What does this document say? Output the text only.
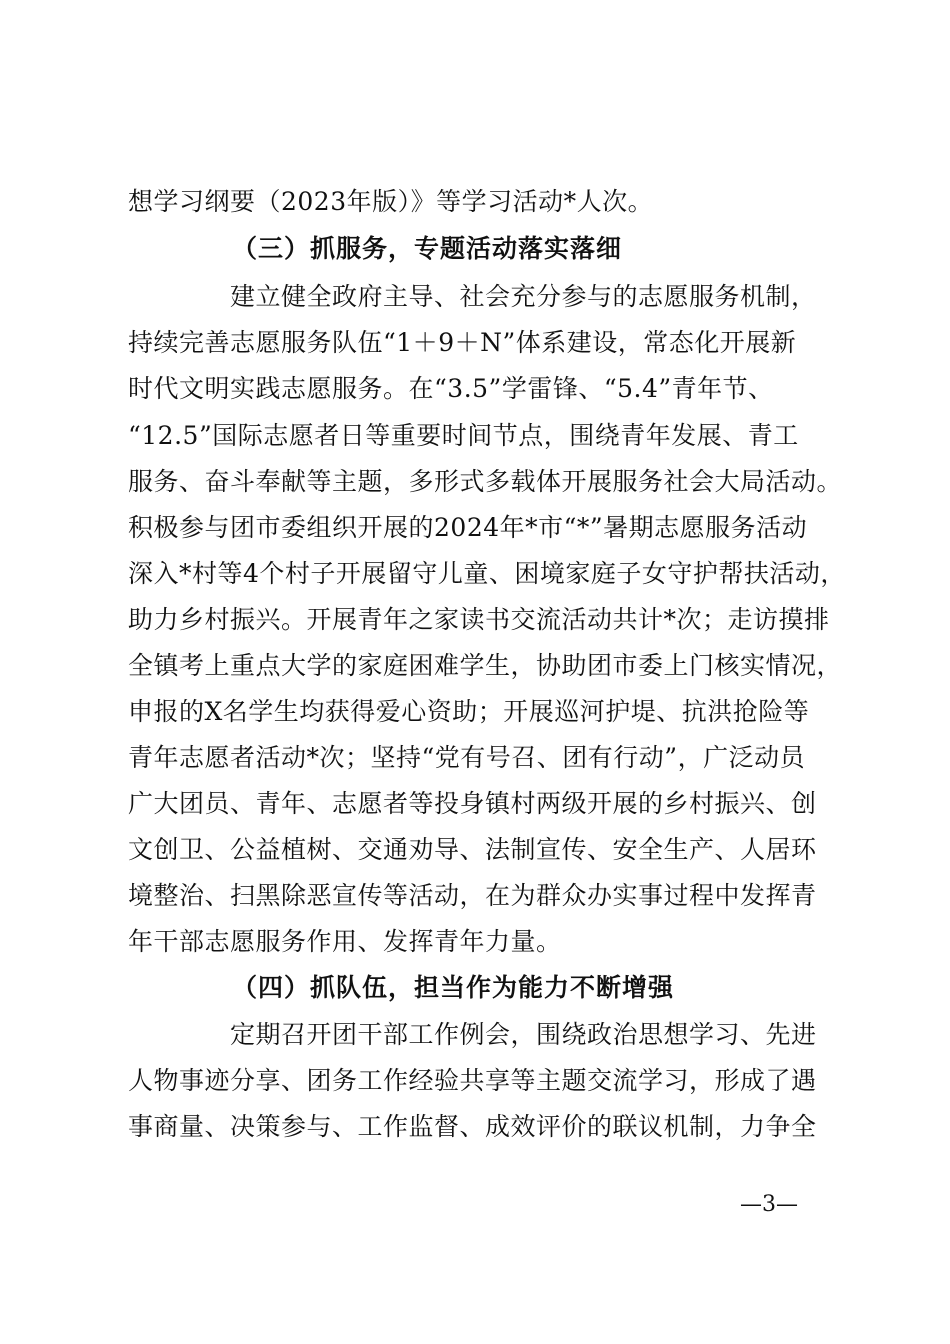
想学习纲要（2023年版）》等学习活动*人次。
（三）抓服务，专题活动落实落细
建立健全政府主导、社会充分参与的志愿服务机制，
持续完善志愿服务队伍“1＋9＋N”体系建设，常态化开展新
时代文明实践志愿服务。在“3.5”学雷锋、“5.4”青年节、
“12.5”国际志愿者日等重要时间节点，围绕青年发展、青工
服务、奋斗奉献等主题，多形式多载体开展服务社会大局活动。
积极参与团市委组织开展的2024年*市“*”暑期志愿服务活动
深入*村等4个村子开展留守儿童、困境家庭子女守护帮扶活动，
助力乡村振兴。开展青年之家读书交流活动共计*次；走访摸排
全镇考上重点大学的家庭困难学生，协助团市委上门核实情况，
申报的X名学生均获得爱心资助；开展巡河护堤、抗洪抢险等
青年志愿者活动*次；坚持“党有号召、团有行动”，广泛动员
广大团员、青年、志愿者等投身镇村两级开展的乡村振兴、创
文创卫、公益植树、交通劝导、法制宣传、安全生产、人居环
境整治、扫黑除恶宣传等活动，在为群众办实事过程中发挥青
年干部志愿服务作用、发挥青年力量。
（四）抓队伍，担当作为能力不断增强
定期召开团干部工作例会，围绕政治思想学习、先进
人物事迹分享、团务工作经验共享等主题交流学习，形成了遇
事商量、决策参与、工作监督、成效评价的联议机制，力争全
—3—
